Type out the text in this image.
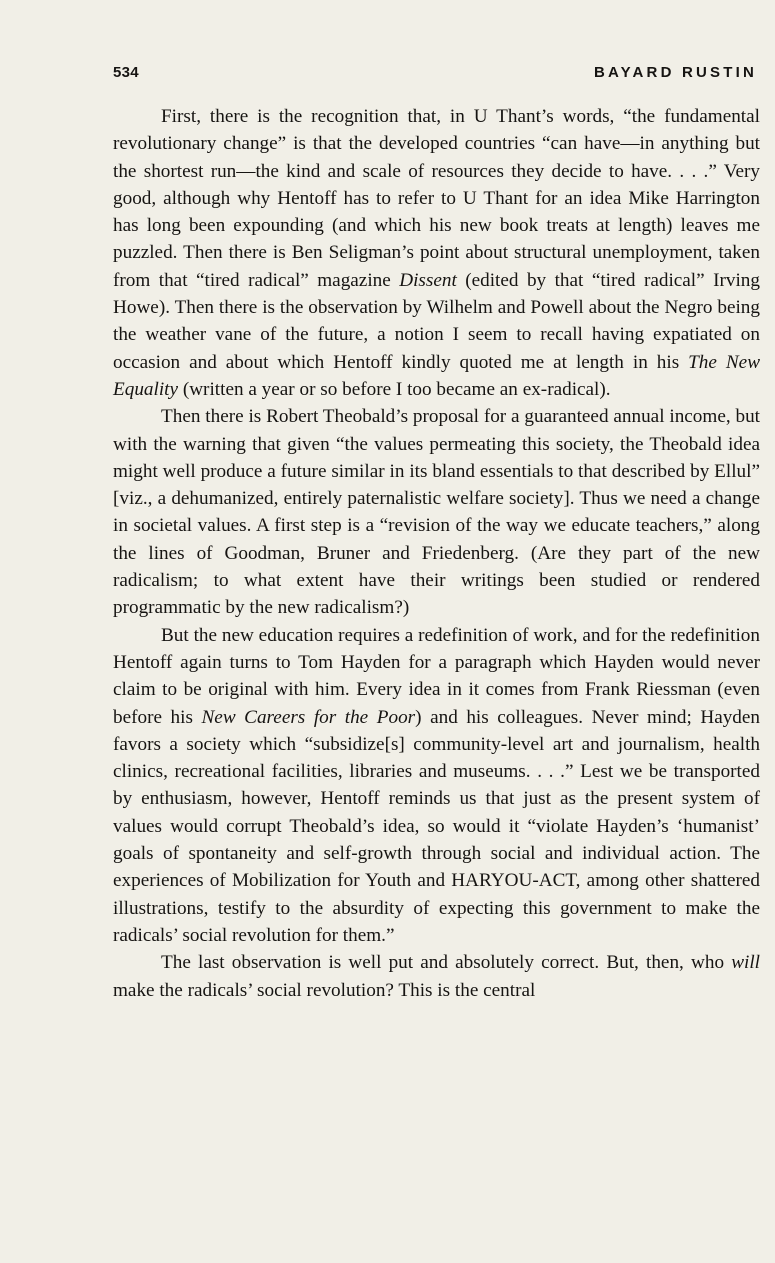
534	BAYARD RUSTIN

First, there is the recognition that, in U Thant’s words, “the fundamental revolutionary change” is that the developed countries “can have—in anything but the shortest run—the kind and scale of resources they decide to have. . . .” Very good, although why Hentoff has to refer to U Thant for an idea Mike Harrington has long been expounding (and which his new book treats at length) leaves me puzzled. Then there is Ben Seligman’s point about structural unemployment, taken from that “tired radical” magazine Dissent (edited by that “tired radical” Irving Howe). Then there is the observation by Wilhelm and Powell about the Negro being the weather vane of the future, a notion I seem to recall having expatiated on occasion and about which Hentoff kindly quoted me at length in his The New Equality (written a year or so before I too became an ex-radical).

Then there is Robert Theobald’s proposal for a guaranteed annual income, but with the warning that given “the values permeating this society, the Theobald idea might well produce a future similar in its bland essentials to that described by Ellul” [viz., a dehumanized, entirely paternalistic welfare society]. Thus we need a change in societal values. A first step is a “revision of the way we educate teachers,” along the lines of Goodman, Bruner and Friedenberg. (Are they part of the new radicalism; to what extent have their writings been studied or rendered programmatic by the new radicalism?)

But the new education requires a redefinition of work, and for the redefinition Hentoff again turns to Tom Hayden for a paragraph which Hayden would never claim to be original with him. Every idea in it comes from Frank Riessman (even before his New Careers for the Poor) and his colleagues. Never mind; Hayden favors a society which “subsidize[s] community-level art and journalism, health clinics, recreational facilities, libraries and museums. . . .” Lest we be transported by enthusiasm, however, Hentoff reminds us that just as the present system of values would corrupt Theobald’s idea, so would it “violate Hayden’s ‘humanist’ goals of spontaneity and self-growth through social and individual action. The experiences of Mobilization for Youth and HARYOU-ACT, among other shattered illustrations, testify to the absurdity of expecting this government to make the radicals’ social revolution for them.”

The last observation is well put and absolutely correct. But, then, who will make the radicals’ social revolution? This is the central
